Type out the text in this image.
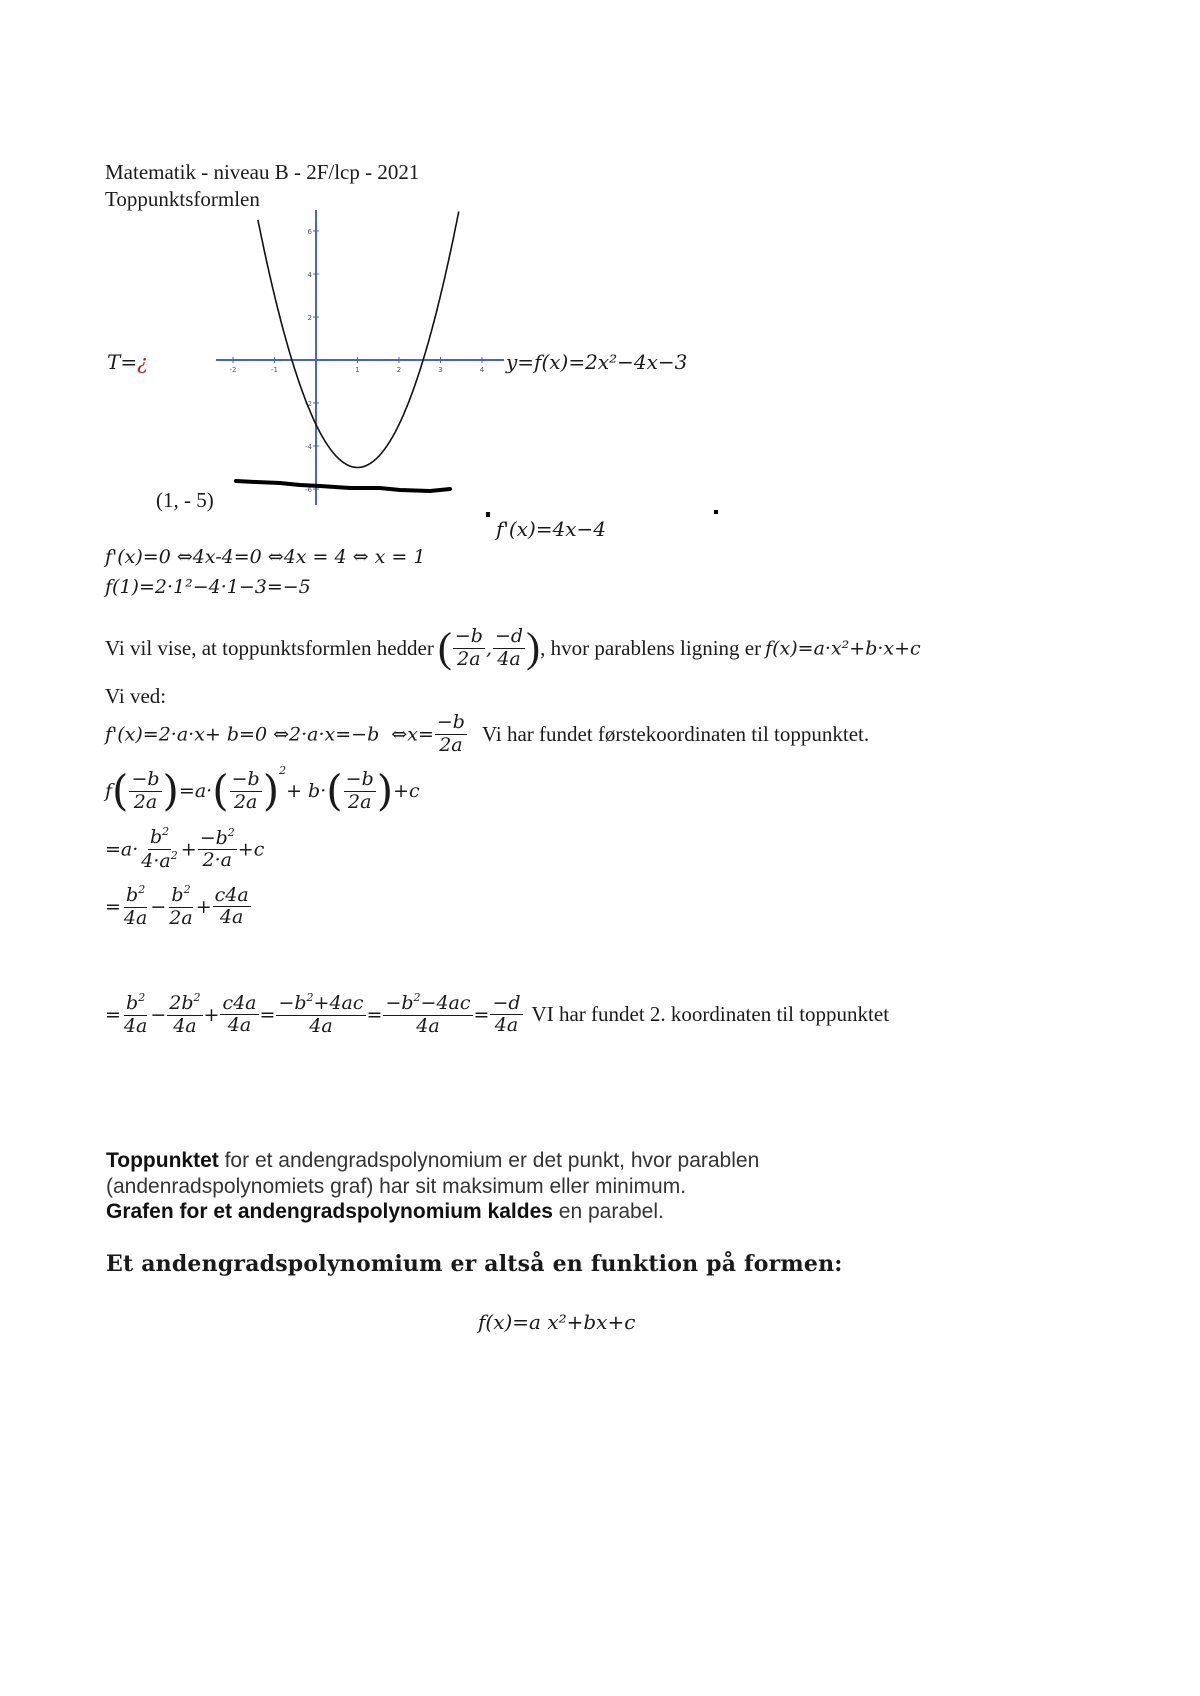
Matematik - niveau B - 2F/lcp - 2021
Toppunktsformlen
T=¿	-2	-1	1	2	3	4
6
4
2
-2
-4
-6
y=f(x)=2x²−4x−3
(1, - 5)
f'(x)=4x−4
f'(x)=0 ⇔4x-4=0 ⇔4x = 4 ⇔ x = 1
f(1)=2·1²−4·1−3=−5
Vi vil vise, at toppunktsformlen hedder ( $\frac{-b}{2a}$ , $\frac{-d}{4a}$ ), hvor parablens ligning er f(x)=a·x²+b·x+c
Vi ved:
f'(x)=2·a·x+ b=0 ⇔2·a·x=−b  ⇔x= $\frac{-b}{2a}$ Vi har fundet førstekoordinaten til toppunktet.
$f( \frac{-b}{2a} )=a\cdot( \frac{-b}{2a} )^2+ b\cdot( \frac{-b}{2a} )+c$
$=a\cdot \frac{b^2}{4\cdot a^2} + \frac{-b^2}{2\cdot a} +c$
= $\frac{b^2}{4a} - \frac{b^2}{2a} + \frac{c4a}{4a}$
= $\frac{b^2}{4a} - \frac{2b^2}{4a} + \frac{c4a}{4a} = \frac{-b^2+4ac}{4a} = \frac{-b^2-4ac}{4a} = \frac{-d}{4a}$ VI har fundet 2. koordinaten til toppunktet
Toppunktet for et andengradspolynomium er det punkt, hvor parablen (andenradspolynomiets graf) har sit maksimum eller minimum.
Grafen for et andengradspolynomium kaldes en parabel.
Et andengradspolynomium er altså en funktion på formen:
f(x)=a x²+bx+c
